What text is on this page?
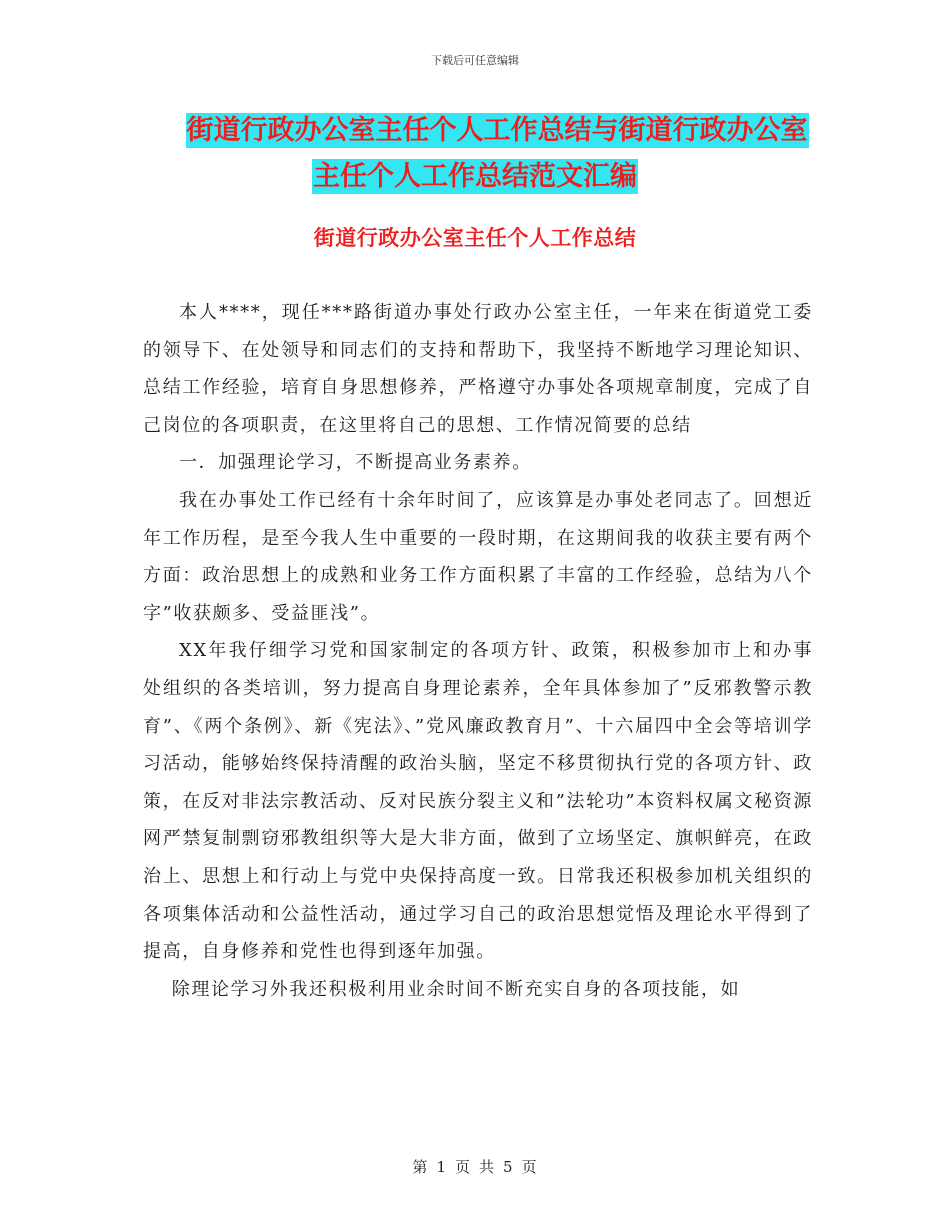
下载后可任意编辑
街道行政办公室主任个人工作总结与街道行政办公室
主任个人工作总结范文汇编
街道行政办公室主任个人工作总结

本人****，现任***路街道办事处行政办公室主任，一年来在街道党工委的领导下、在处领导和同志们的支持和帮助下，我坚持不断地学习理论知识、总结工作经验，培育自身思想修养，严格遵守办事处各项规章制度，完成了自己岗位的各项职责，在这里将自己的思想、工作情况简要的总结

一．加强理论学习，不断提高业务素养。

我在办事处工作已经有十余年时间了，应该算是办事处老同志了。回想近年工作历程，是至今我人生中重要的一段时期，在这期间我的收获主要有两个方面：政治思想上的成熟和业务工作方面积累了丰富的工作经验，总结为八个字”收获颇多、受益匪浅”。

XX年我仔细学习党和国家制定的各项方针、政策，积极参加市上和办事处组织的各类培训，努力提高自身理论素养，全年具体参加了”反邪教警示教育”、《两个条例》、新《宪法》、”党风廉政教育月”、十六届四中全会等培训学习活动，能够始终保持清醒的政治头脑，坚定不移贯彻执行党的各项方针、政策，在反对非法宗教活动、反对民族分裂主义和”法轮功”本资料权属文秘资源网严禁复制剽窃邪教组织等大是大非方面，做到了立场坚定、旗帜鲜亮，在政治上、思想上和行动上与党中央保持高度一致。日常我还积极参加机关组织的各项集体活动和公益性活动，通过学习自己的政治思想觉悟及理论水平得到了提高，自身修养和党性也得到逐年加强。

除理论学习外我还积极利用业余时间不断充实自身的各项技能，如

第 1 页 共 5 页
